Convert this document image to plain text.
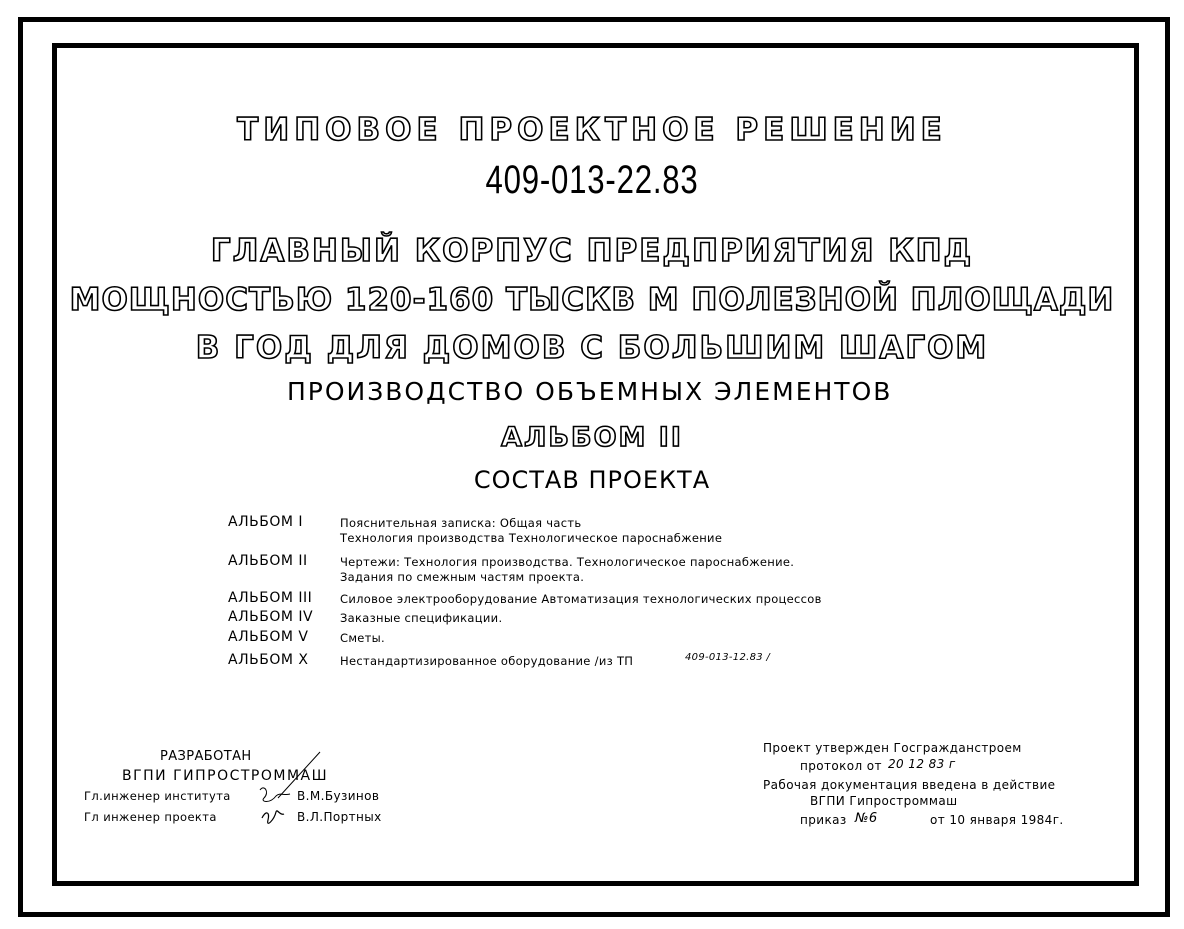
ТИПОВОЕ ПРОЕКТНОЕ РЕШЕНИЕ
409-013-22.83
ГЛАВНЫЙ КОРПУС ПРЕДПРИЯТИЯ КПД
МОЩНОСТЬЮ 120-160 ТЫСКВ М ПОЛЕЗНОЙ ПЛОЩАДИ
В ГОД ДЛЯ ДОМОВ С БОЛЬШИМ ШАГОМ
ПРОИЗВОДСТВО ОБЪЕМНЫХ ЭЛЕМЕНТОВ
АЛЬБОМ II
СОСТАВ ПРОЕКТА
АЛЬБОМ I	Пояснительная записка: Общая часть
Технология производства Технологическое пароснабжение
АЛЬБОМ II	Чертежи: Технология производства. Технологическое пароснабжение.
Задания по смежным частям проекта.
АЛЬБОМ III Силовое электрооборудование Автоматизация технологических процессов
АЛЬБОМ IV Заказные спецификации.
АЛЬБОМ V	Сметы.
АЛЬБОМ X	Нестандартизированное оборудование /из ТП	409-013-12.83 /
РАЗРАБОТАН
ВГПИ ГИПРОСТРОММАШ
Гл.инженер института	В.М.Бузинов
Гл инженер проекта	В.Л.Портных
Проект утвержден Госгражданстроем
протокол от 20 12 83 г
Рабочая документация введена в действие
ВГПИ Гипростроммаш
приказ №6	от 10 января 1984г.
